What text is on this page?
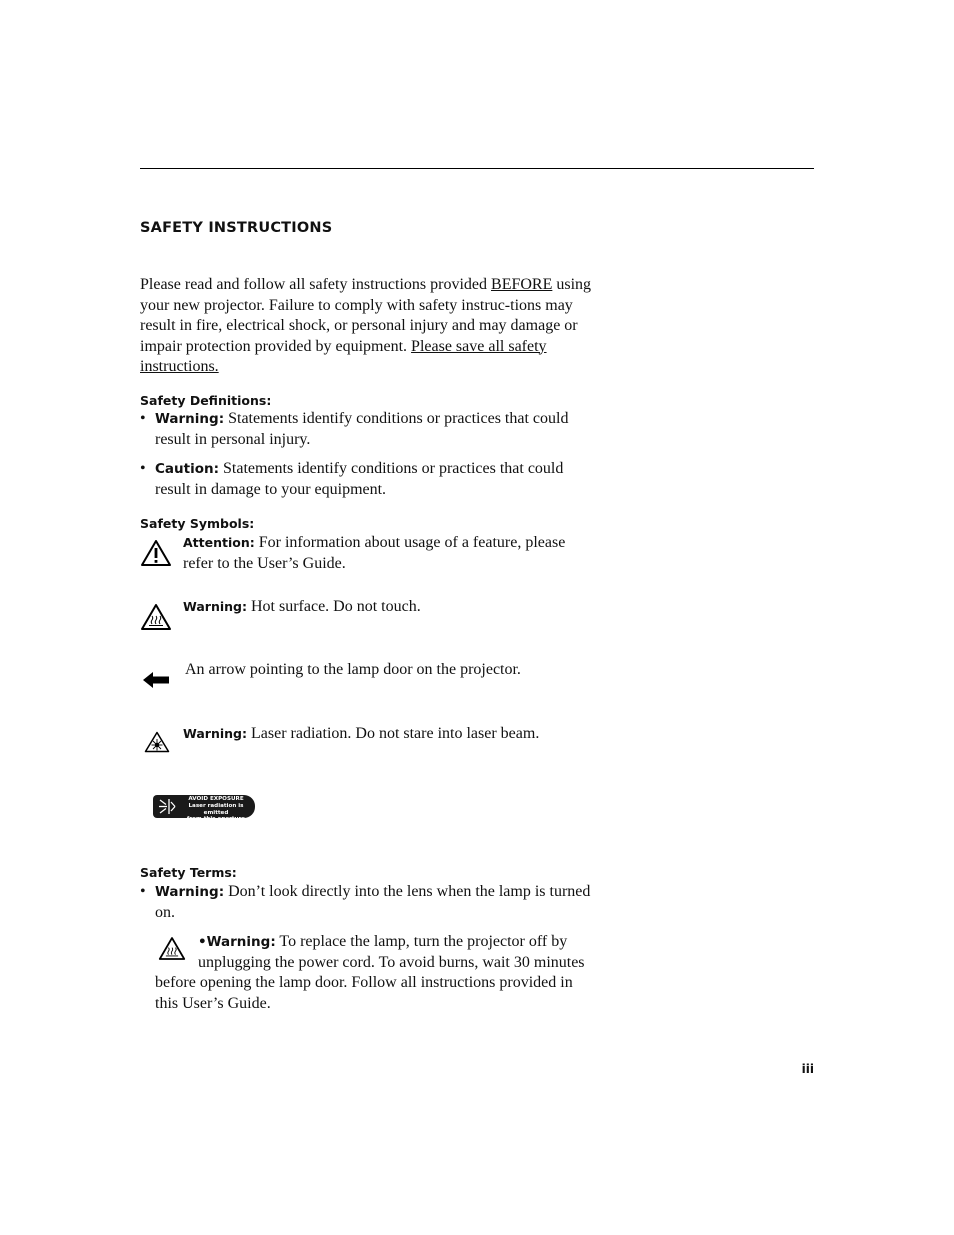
SAFETY INSTRUCTIONS
Please read and follow all safety instructions provided BEFORE using your new projector. Failure to comply with safety instruc-tions may result in fire, electrical shock, or personal injury and may damage or impair protection provided by equipment. Please save all safety instructions.
Safety Definitions:
• Warning: Statements identify conditions or practices that could result in personal injury.
• Caution: Statements identify conditions or practices that could result in damage to your equipment.
Safety Symbols:
Attention: For information about usage of a feature, please refer to the User’s Guide.
Warning: Hot surface. Do not touch.
An arrow pointing to the lamp door on the projector.
Warning: Laser radiation. Do not stare into laser beam.
AVOID EXPOSURE
Laser radiation is emitted
from this aperture
Safety Terms:
• Warning: Don’t look directly into the lens when the lamp is turned on.
•Warning: To replace the lamp, turn the projector off by unplugging the power cord. To avoid burns, wait 30 minutes before opening the lamp door. Follow all instructions provided in this User’s Guide.
iii
